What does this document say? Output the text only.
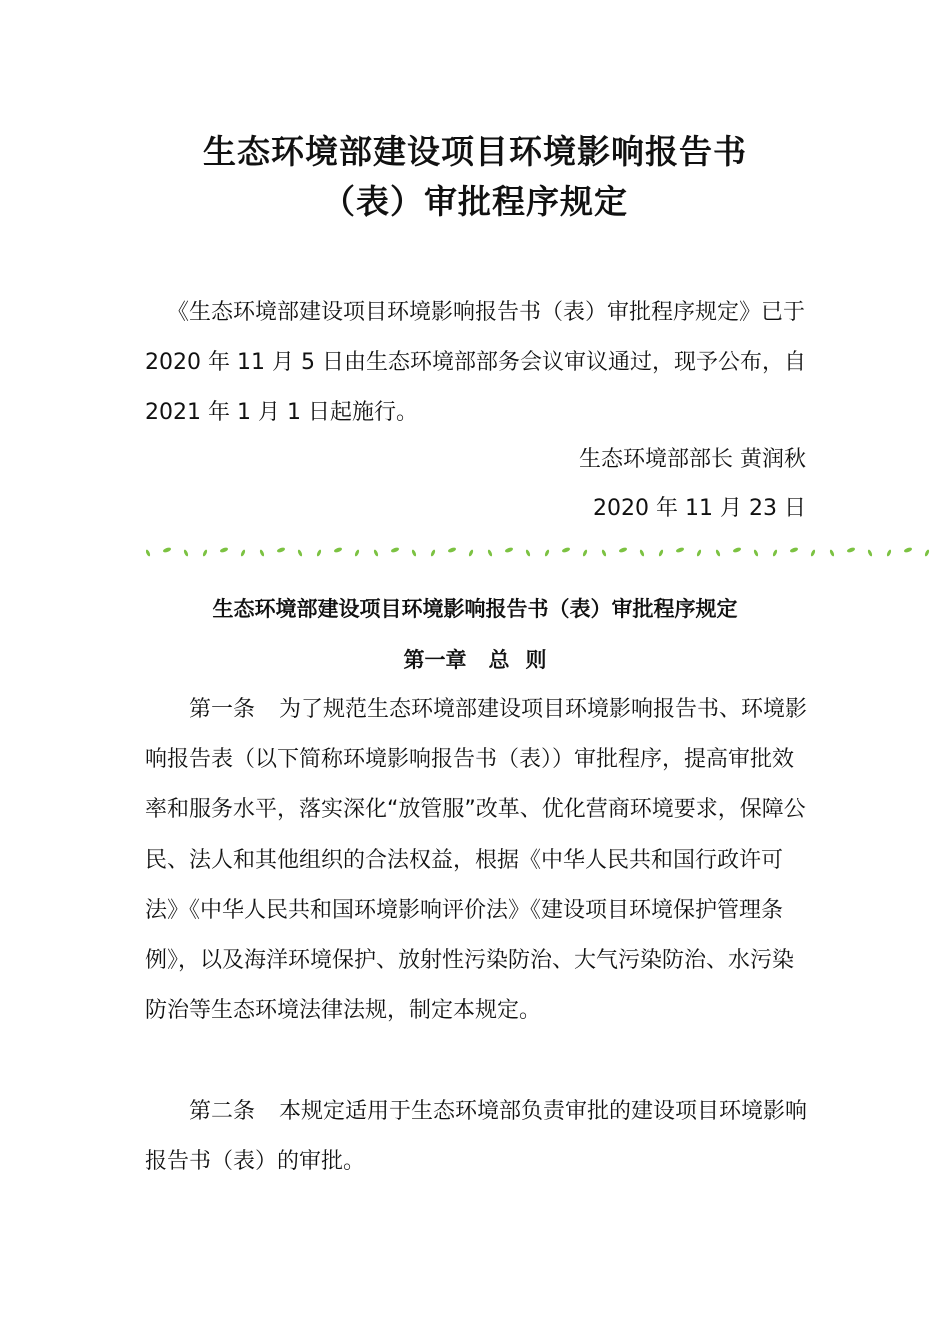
生态环境部建设项目环境影响报告书
（表）审批程序规定

《生态环境部建设项目环境影响报告书（表）审批程序规定》已于 2020 年 11 月 5 日由生态环境部部务会议审议通过，现予公布，自 2021 年 1 月 1 日起施行。

生态环境部部长 黄润秋
2020 年 11 月 23 日
生态环境部建设项目环境影响报告书（表）审批程序规定
第一章 总 则

第一条 为了规范生态环境部建设项目环境影响报告书、环境影响报告表（以下简称环境影响报告书（表））审批程序，提高审批效率和服务水平，落实深化“放管服”改革、优化营商环境要求，保障公民、法人和其他组织的合法权益，根据《中华人民共和国行政许可法》《中华人民共和国环境影响评价法》《建设项目环境保护管理条例》，以及海洋环境保护、放射性污染防治、大气污染防治、水污染防治等生态环境法律法规，制定本规定。

第二条 本规定适用于生态环境部负责审批的建设项目环境影响报告书（表）的审批。
